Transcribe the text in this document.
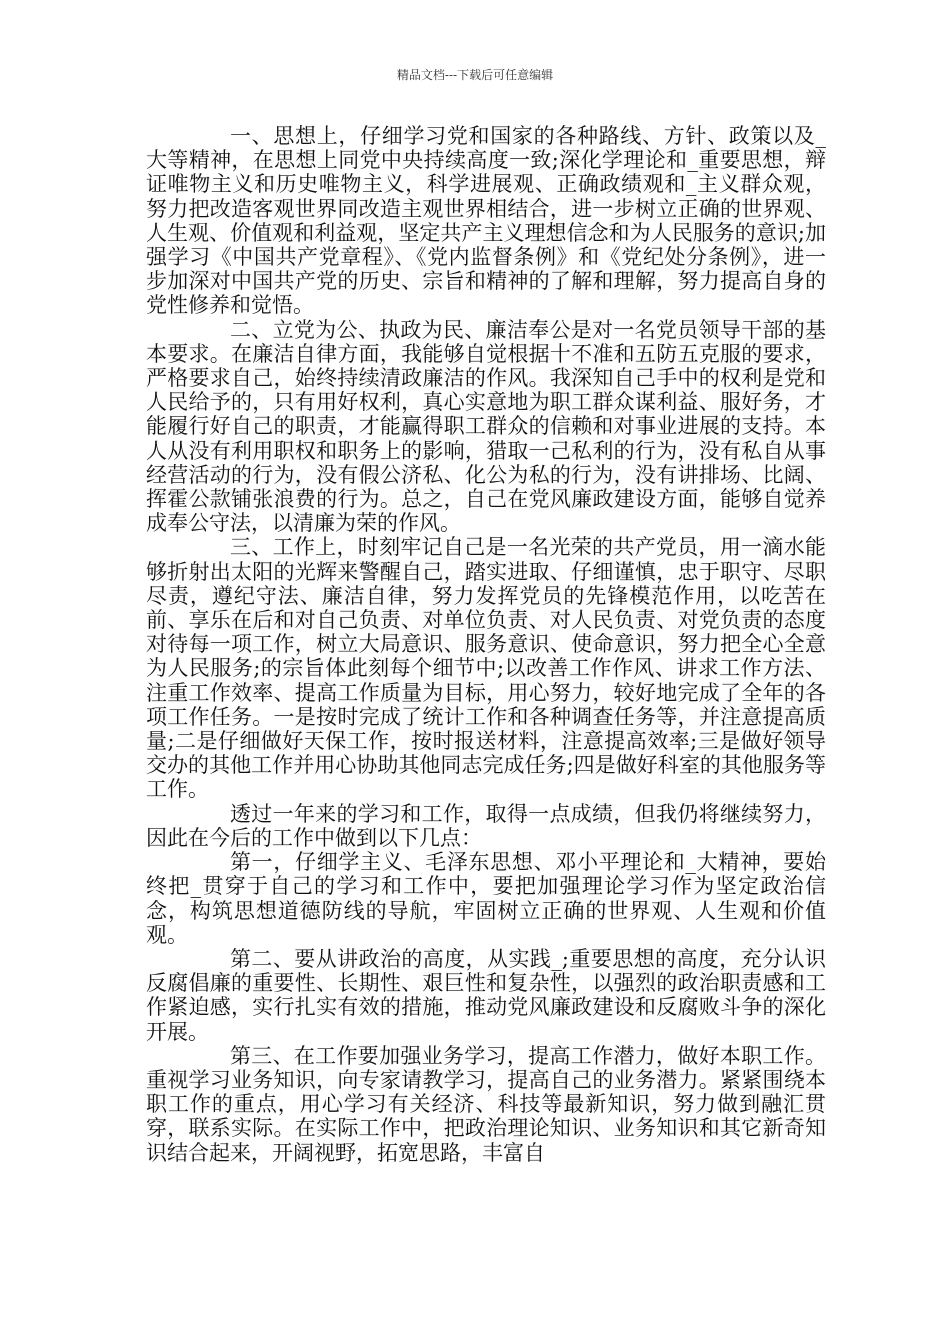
精品文档---下载后可任意编辑

一、思想上，仔细学习党和国家的各种路线、方针、政策以及_大等精神，在思想上同党中央持续高度一致;深化学理论和_重要思想，辩证唯物主义和历史唯物主义，科学进展观、正确政绩观和_主义群众观，努力把改造客观世界同改造主观世界相结合，进一步树立正确的世界观、人生观、价值观和利益观，坚定共产主义理想信念和为人民服务的意识;加强学习《中国共产党章程》、《党内监督条例》和《党纪处分条例》，进一步加深对中国共产党的历史、宗旨和精神的了解和理解，努力提高自身的党性修养和觉悟。

二、立党为公、执政为民、廉洁奉公是对一名党员领导干部的基本要求。在廉洁自律方面，我能够自觉根据十不准和五防五克服的要求，严格要求自己，始终持续清政廉洁的作风。我深知自己手中的权利是党和人民给予的，只有用好权利，真心实意地为职工群众谋利益、服好务，才能履行好自己的职责，才能赢得职工群众的信赖和对事业进展的支持。本人从没有利用职权和职务上的影响，猎取一己私利的行为，没有私自从事经营活动的行为，没有假公济私、化公为私的行为，没有讲排场、比阔、挥霍公款铺张浪费的行为。总之，自己在党风廉政建设方面，能够自觉养成奉公守法，以清廉为荣的作风。

三、工作上，时刻牢记自己是一名光荣的共产党员，用一滴水能够折射出太阳的光辉来警醒自己，踏实进取、仔细谨慎，忠于职守、尽职尽责，遵纪守法、廉洁自律，努力发挥党员的先锋模范作用，以吃苦在前、享乐在后和对自己负责、对单位负责、对人民负责、对党负责的态度对待每一项工作，树立大局意识、服务意识、使命意识，努力把全心全意为人民服务;的宗旨体此刻每个细节中;以改善工作作风、讲求工作方法、注重工作效率、提高工作质量为目标，用心努力，较好地完成了全年的各项工作任务。一是按时完成了统计工作和各种调查任务等，并注意提高质量;二是仔细做好天保工作，按时报送材料，注意提高效率;三是做好领导交办的其他工作并用心协助其他同志完成任务;四是做好科室的其他服务等工作。

透过一年来的学习和工作，取得一点成绩，但我仍将继续努力，因此在今后的工作中做到以下几点：

第一，仔细学主义、毛泽东思想、邓小平理论和_大精神，要始终把_贯穿于自己的学习和工作中，要把加强理论学习作为坚定政治信念，构筑思想道德防线的导航，牢固树立正确的世界观、人生观和价值观。

第二、要从讲政治的高度，从实践_;重要思想的高度，充分认识反腐倡廉的重要性、长期性、艰巨性和复杂性，以强烈的政治职责感和工作紧迫感，实行扎实有效的措施，推动党风廉政建设和反腐败斗争的深化开展。

第三、在工作要加强业务学习，提高工作潜力，做好本职工作。重视学习业务知识，向专家请教学习，提高自己的业务潜力。紧紧围绕本职工作的重点，用心学习有关经济、科技等最新知识，努力做到融汇贯穿，联系实际。在实际工作中，把政治理论知识、业务知识和其它新奇知识结合起来，开阔视野，拓宽思路，丰富自
